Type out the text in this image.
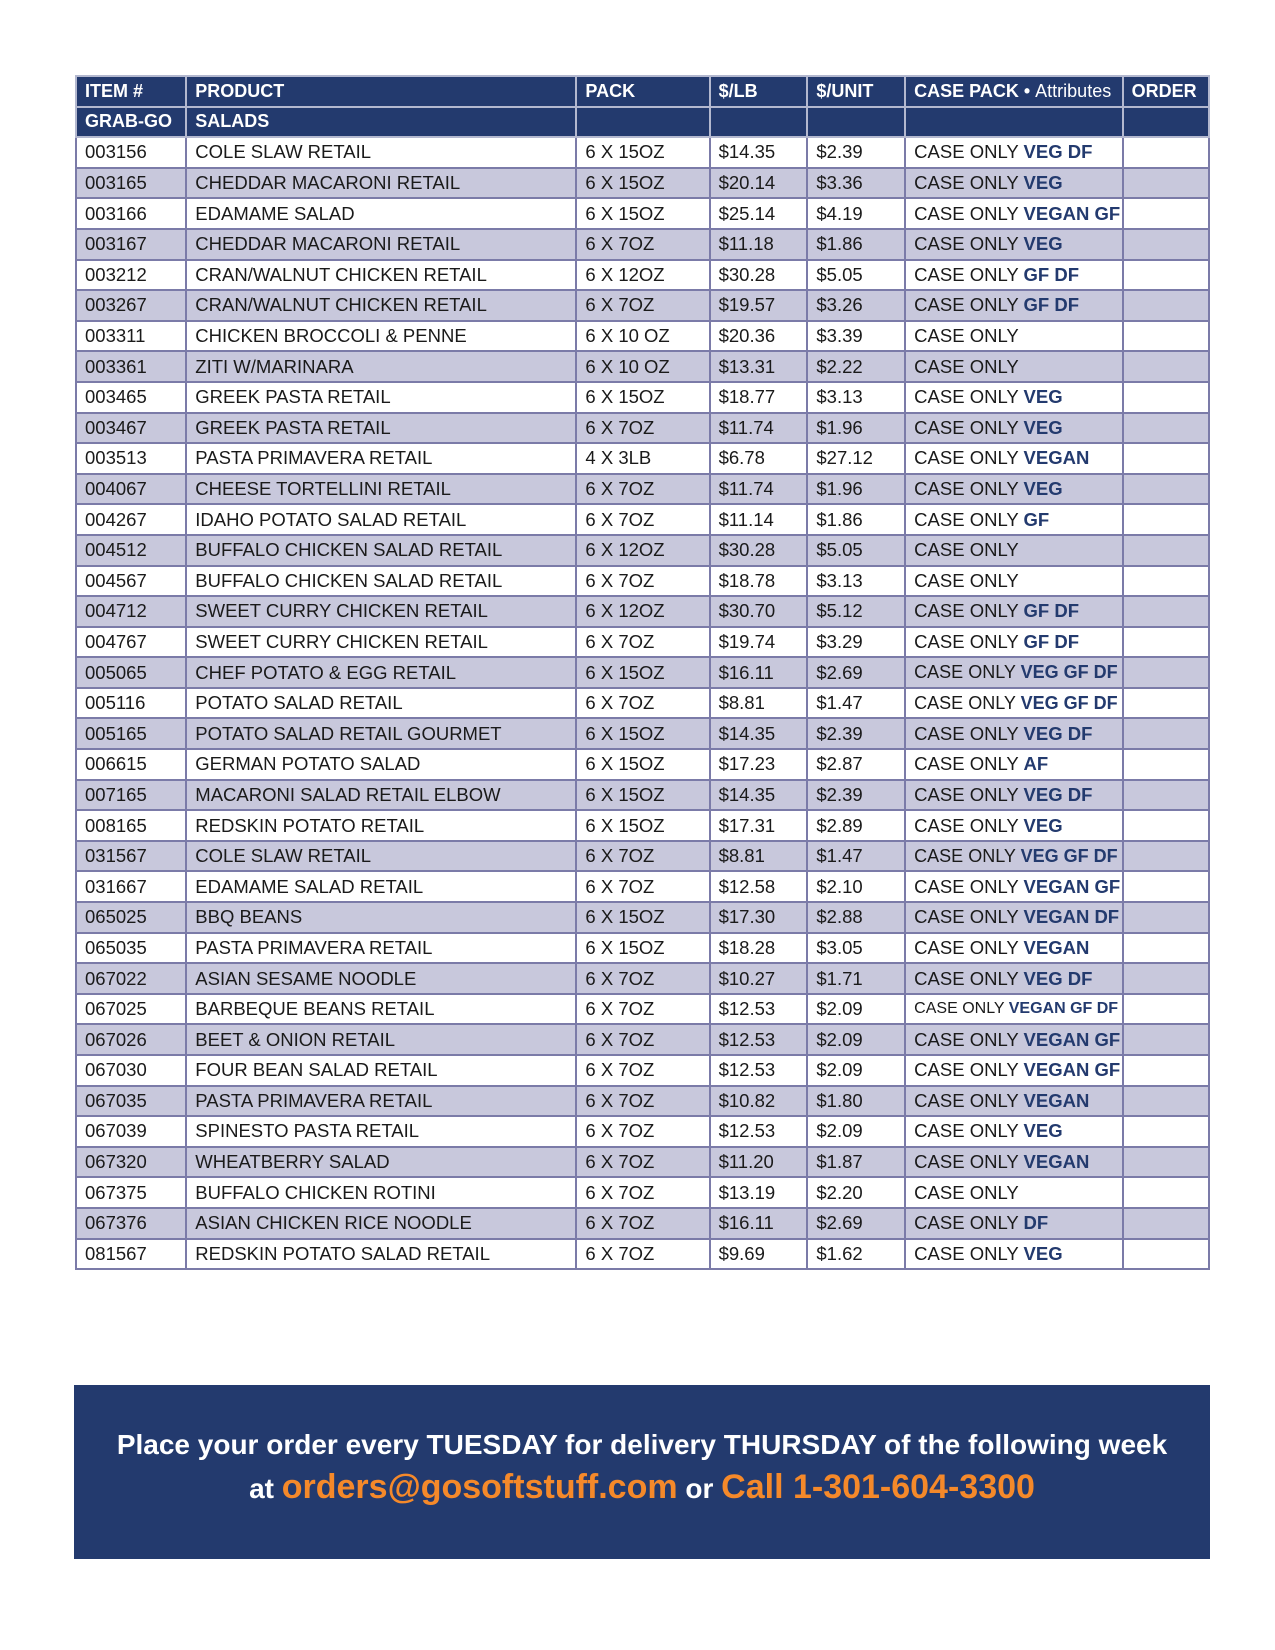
ITEM #	PRODUCT	PACK	$/LB	$/UNIT	CASE PACK • Attributes	ORDER
GRAB-GO	SALADS					
003156	COLE SLAW RETAIL	6 X 15OZ	$14.35	$2.39	CASE ONLY VEG DF	
003165	CHEDDAR MACARONI RETAIL	6 X 15OZ	$20.14	$3.36	CASE ONLY VEG	
003166	EDAMAME SALAD	6 X 15OZ	$25.14	$4.19	CASE ONLY VEGAN GF	
003167	CHEDDAR MACARONI RETAIL	6 X 7OZ	$11.18	$1.86	CASE ONLY VEG	
003212	CRAN/WALNUT CHICKEN RETAIL	6 X 12OZ	$30.28	$5.05	CASE ONLY GF DF	
003267	CRAN/WALNUT CHICKEN RETAIL	6 X 7OZ	$19.57	$3.26	CASE ONLY GF DF	
003311	CHICKEN BROCCOLI & PENNE	6 X 10 OZ	$20.36	$3.39	CASE ONLY	
003361	ZITI W/MARINARA	6 X 10 OZ	$13.31	$2.22	CASE ONLY	
003465	GREEK PASTA RETAIL	6 X 15OZ	$18.77	$3.13	CASE ONLY VEG	
003467	GREEK PASTA RETAIL	6 X 7OZ	$11.74	$1.96	CASE ONLY VEG	
003513	PASTA PRIMAVERA RETAIL	4 X 3LB	$6.78	$27.12	CASE ONLY VEGAN	
004067	CHEESE TORTELLINI RETAIL	6 X 7OZ	$11.74	$1.96	CASE ONLY VEG	
004267	IDAHO POTATO SALAD RETAIL	6 X 7OZ	$11.14	$1.86	CASE ONLY GF	
004512	BUFFALO CHICKEN SALAD RETAIL	6 X 12OZ	$30.28	$5.05	CASE ONLY	
004567	BUFFALO CHICKEN SALAD RETAIL	6 X 7OZ	$18.78	$3.13	CASE ONLY	
004712	SWEET CURRY CHICKEN RETAIL	6 X 12OZ	$30.70	$5.12	CASE ONLY GF DF	
004767	SWEET CURRY CHICKEN RETAIL	6 X 7OZ	$19.74	$3.29	CASE ONLY GF DF	
005065	CHEF POTATO & EGG RETAIL	6 X 15OZ	$16.11	$2.69	CASE ONLY VEG GF DF	
005116	POTATO SALAD RETAIL	6 X 7OZ	$8.81	$1.47	CASE ONLY VEG GF DF	
005165	POTATO SALAD RETAIL GOURMET	6 X 15OZ	$14.35	$2.39	CASE ONLY VEG DF	
006615	GERMAN POTATO SALAD	6 X 15OZ	$17.23	$2.87	CASE ONLY AF	
007165	MACARONI SALAD RETAIL ELBOW	6 X 15OZ	$14.35	$2.39	CASE ONLY VEG DF	
008165	REDSKIN POTATO RETAIL	6 X 15OZ	$17.31	$2.89	CASE ONLY VEG	
031567	COLE SLAW RETAIL	6 X 7OZ	$8.81	$1.47	CASE ONLY VEG GF DF	
031667	EDAMAME SALAD RETAIL	6 X 7OZ	$12.58	$2.10	CASE ONLY VEGAN GF	
065025	BBQ BEANS	6 X 15OZ	$17.30	$2.88	CASE ONLY VEGAN DF	
065035	PASTA PRIMAVERA RETAIL	6 X 15OZ	$18.28	$3.05	CASE ONLY VEGAN	
067022	ASIAN SESAME NOODLE	6 X 7OZ	$10.27	$1.71	CASE ONLY VEG DF	
067025	BARBEQUE BEANS RETAIL	6 X 7OZ	$12.53	$2.09	CASE ONLY VEGAN GF DF	
067026	BEET & ONION RETAIL	6 X 7OZ	$12.53	$2.09	CASE ONLY VEGAN GF	
067030	FOUR BEAN SALAD RETAIL	6 X 7OZ	$12.53	$2.09	CASE ONLY VEGAN GF	
067035	PASTA PRIMAVERA RETAIL	6 X 7OZ	$10.82	$1.80	CASE ONLY VEGAN	
067039	SPINESTO PASTA RETAIL	6 X 7OZ	$12.53	$2.09	CASE ONLY VEG	
067320	WHEATBERRY SALAD	6 X 7OZ	$11.20	$1.87	CASE ONLY VEGAN	
067375	BUFFALO CHICKEN ROTINI	6 X 7OZ	$13.19	$2.20	CASE ONLY	
067376	ASIAN CHICKEN RICE NOODLE	6 X 7OZ	$16.11	$2.69	CASE ONLY DF	
081567	REDSKIN POTATO SALAD RETAIL	6 X 7OZ	$9.69	$1.62	CASE ONLY VEG	
Place your order every TUESDAY for delivery THURSDAY of the following week
at orders@gosoftstuff.com or Call 1-301-604-3300
